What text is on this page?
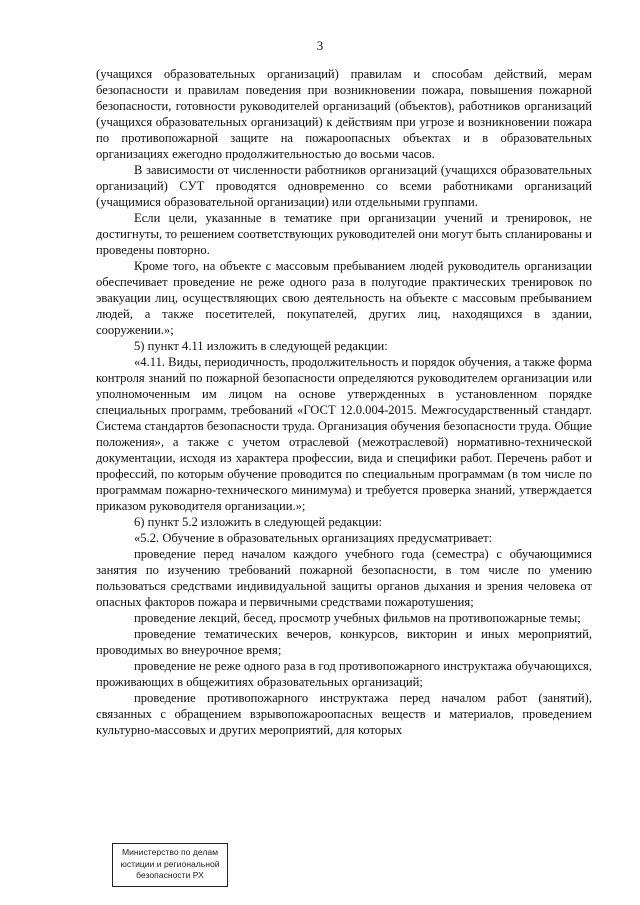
3

(учащихся образовательных организаций) правилам и способам действий, мерам безопасности и правилам поведения при возникновении пожара, повышения пожарной безопасности, готовности руководителей организаций (объектов), работников организаций (учащихся образовательных организаций) к действиям при угрозе и возникновении пожара по противопожарной защите на пожароопасных объектах и в образовательных организациях ежегодно продолжительностью до восьми часов.

В зависимости от численности работников организаций (учащихся образовательных организаций) СУТ проводятся одновременно со всеми работниками организаций (учащимися образовательной организации) или отдельными группами.

Если цели, указанные в тематике при организации учений и тренировок, не достигнуты, то решением соответствующих руководителей они могут быть спланированы и проведены повторно.

Кроме того, на объекте с массовым пребыванием людей руководитель организации обеспечивает проведение не реже одного раза в полугодие практических тренировок по эвакуации лиц, осуществляющих свою деятельность на объекте с массовым пребыванием людей, а также посетителей, покупателей, других лиц, находящихся в здании, сооружении.»;

5) пункт 4.11 изложить в следующей редакции:

«4.11. Виды, периодичность, продолжительность и порядок обучения, а также форма контроля знаний по пожарной безопасности определяются руководителем организации или уполномоченным им лицом на основе утвержденных в установленном порядке специальных программ, требований «ГОСТ 12.0.004-2015. Межгосударственный стандарт. Система стандартов безопасности труда. Организация обучения безопасности труда. Общие положения», а также с учетом отраслевой (межотраслевой) нормативно-технической документации, исходя из характера профессии, вида и специфики работ. Перечень работ и профессий, по которым обучение проводится по специальным программам (в том числе по программам пожарно-технического минимума) и требуется проверка знаний, утверждается приказом руководителя организации.»;

6) пункт 5.2 изложить в следующей редакции:

«5.2. Обучение в образовательных организациях предусматривает:

проведение перед началом каждого учебного года (семестра) с обучающимися занятия по изучению требований пожарной безопасности, в том числе по умению пользоваться средствами индивидуальной защиты органов дыхания и зрения человека от опасных факторов пожара и первичными средствами пожаротушения;

проведение лекций, бесед, просмотр учебных фильмов на противопожарные темы;

проведение тематических вечеров, конкурсов, викторин и иных мероприятий, проводимых во внеурочное время;

проведение не реже одного раза в год противопожарного инструктажа обучающихся, проживающих в общежитиях образовательных организаций;

проведение противопожарного инструктажа перед началом работ (занятий), связанных с обращением взрывопожароопасных веществ и материалов, проведением культурно-массовых и других мероприятий, для которых

Министерство по делам
юстиции и региональной
безопасности РХ
